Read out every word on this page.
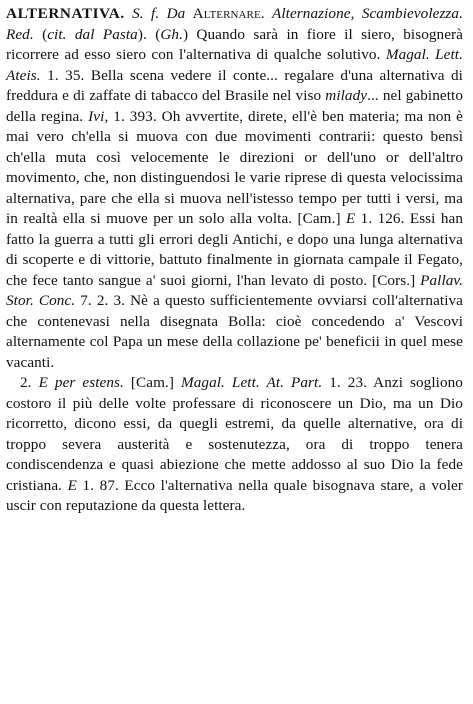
ALTERNATIVA. S. f. Da Alternare. Alternazione, Scambievolezza. Red. (cit. dal Pasta). (Gh.) Quando sarà in fiore il siero, bisognerà ricorrere ad esso siero con l'alternativa di qualche solutivo. Magal. Lett. Ateis. 1. 35. Bella scena vedere il conte... regalare d'una alternativa di freddura e di zaffate di tabacco del Brasile nel viso milady... nel gabinetto della regina. Ivi, 1. 393. Oh avvertite, direte, ell'è ben materia; ma non è mai vero ch'ella si muova con due movimenti contrarii: questo bensì ch'ella muta così velocemente le direzioni or dell'uno or dell'altro movimento, che, non distinguendosi le varie riprese di questa velocissima alternativa, pare che ella si muova nell'istesso tempo per tutti i versi, ma in realtà ella si muove per un solo alla volta. [Cam.] E 1. 126. Essi han fatto la guerra a tutti gli errori degli Antichi, e dopo una lunga alternativa di scoperte e di vittorie, battuto finalmente in giornata campale il Fegato, che fece tanto sangue a' suoi giorni, l'han levato di posto. [Cors.] Pallav. Stor. Conc. 7. 2. 3. Nè a questo sufficientemente ovviarsi coll'alternativa che contenevasi nella disegnata Bolla: cioè concedendo a' Vescovi alternamente col Papa un mese della collazione pe' beneficii in quel mese vacanti.

2. E per estens. [Cam.] Magal. Lett. At. Part. 1. 23. Anzi sogliono costoro il più delle volte professare di riconoscere un Dio, ma un Dio ricorretto, dicono essi, da quegli estremi, da quelle alternative, ora di troppo severa austerità e sostenutezza, ora di troppo tenera condiscendenza e quasi abiezione che mette addosso al suo Dio la fede cristiana. E 1. 87. Ecco l'alternativa nella quale bisognava stare, a voler uscir con reputazione da questa lettera.
